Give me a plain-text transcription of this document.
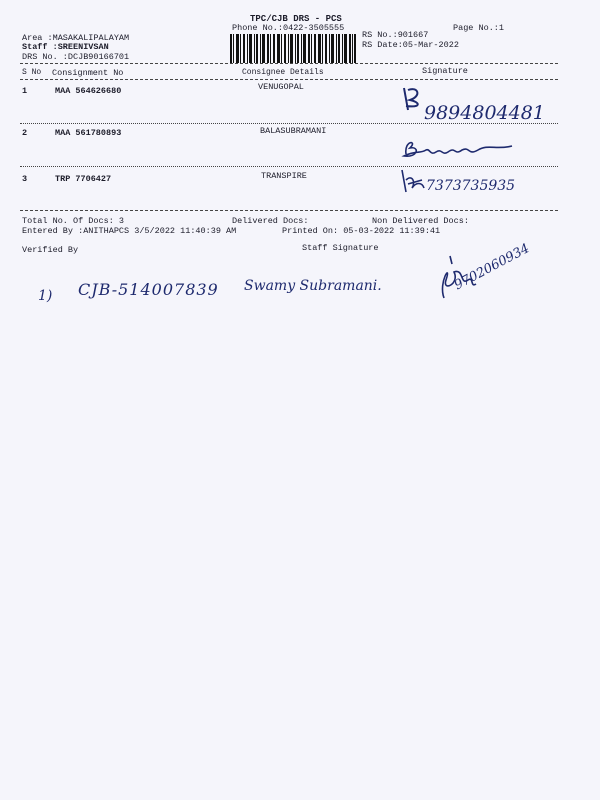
TPC/CJB DRS - PCS
Phone No.:0422-3505555	Page No.:1
RS No.:901667
RS Date:05-Mar-2022
Area :MASAKALIPALAYAM
Staff :SREENIVSAN
DRS No. :DCJB90166701
S No Consignment No	Consignee Details	Signature
1	MAA 564626680	VENUGOPAL
9894804481
2	MAA 561780893	BALASUBRAMANI
3	TRP 7706427	TRANSPIRE
7373735935
Total No. Of Docs: 3	Delivered Docs:	Non Delivered Docs:
Entered By :ANITHAPCS 3/5/2022 11:40:39 AM	Printed On: 05-03-2022 11:39:41
Verified By	Staff Signature
1) CJB-514007839 Swamy Subramani.	9702060934
